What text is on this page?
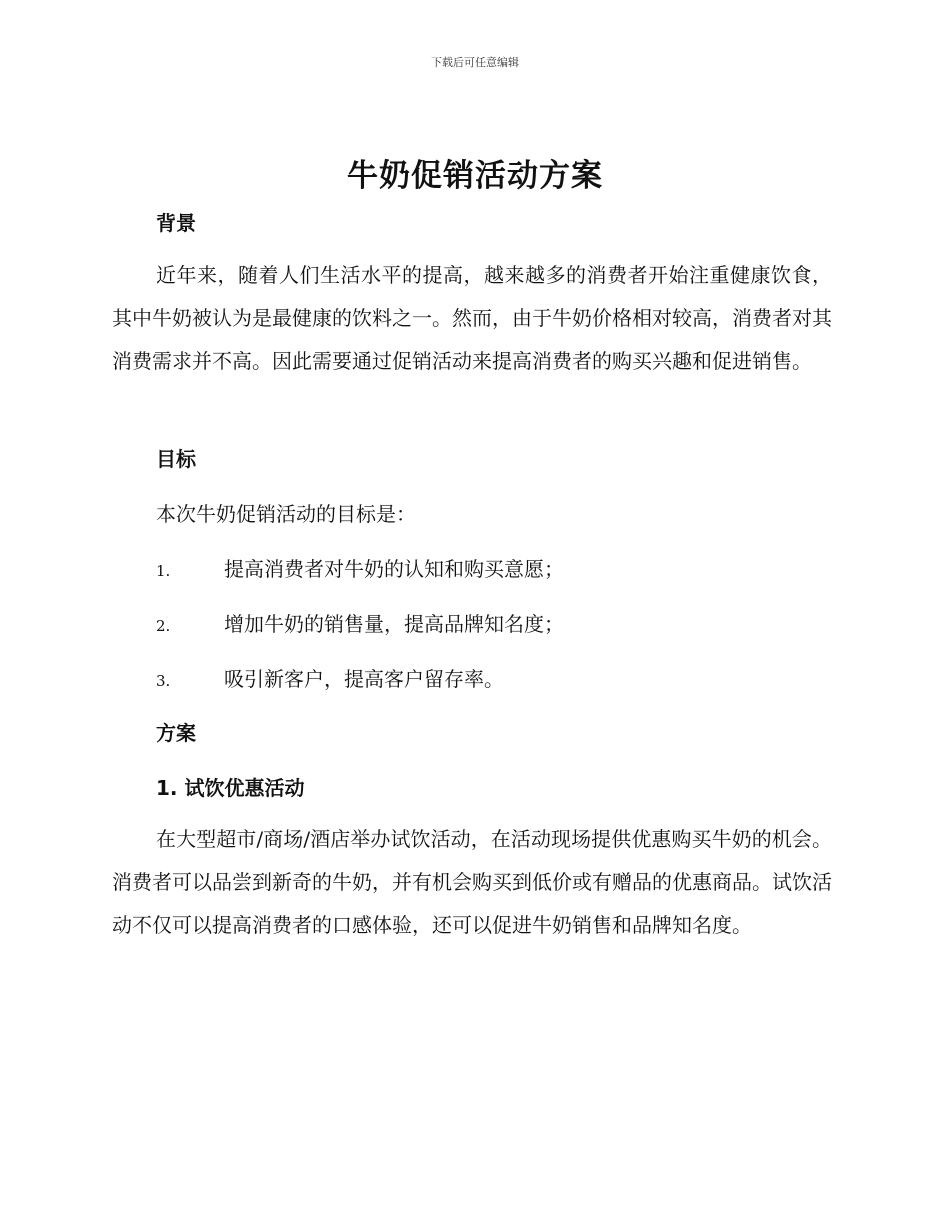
下载后可任意编辑
牛奶促销活动方案
背景

近年来，随着人们生活水平的提高，越来越多的消费者开始注重健康饮食，其中牛奶被认为是最健康的饮料之一。然而，由于牛奶价格相对较高，消费者对其消费需求并不高。因此需要通过促销活动来提高消费者的购买兴趣和促进销售。

目标

本次牛奶促销活动的目标是：

1.	提高消费者对牛奶的认知和购买意愿；

2.	增加牛奶的销售量，提高品牌知名度；

3.	吸引新客户，提高客户留存率。

方案
1. 试饮优惠活动

在大型超市/商场/酒店举办试饮活动，在活动现场提供优惠购买牛奶的机会。消费者可以品尝到新奇的牛奶，并有机会购买到低价或有赠品的优惠商品。试饮活动不仅可以提高消费者的口感体验，还可以促进牛奶销售和品牌知名度。
